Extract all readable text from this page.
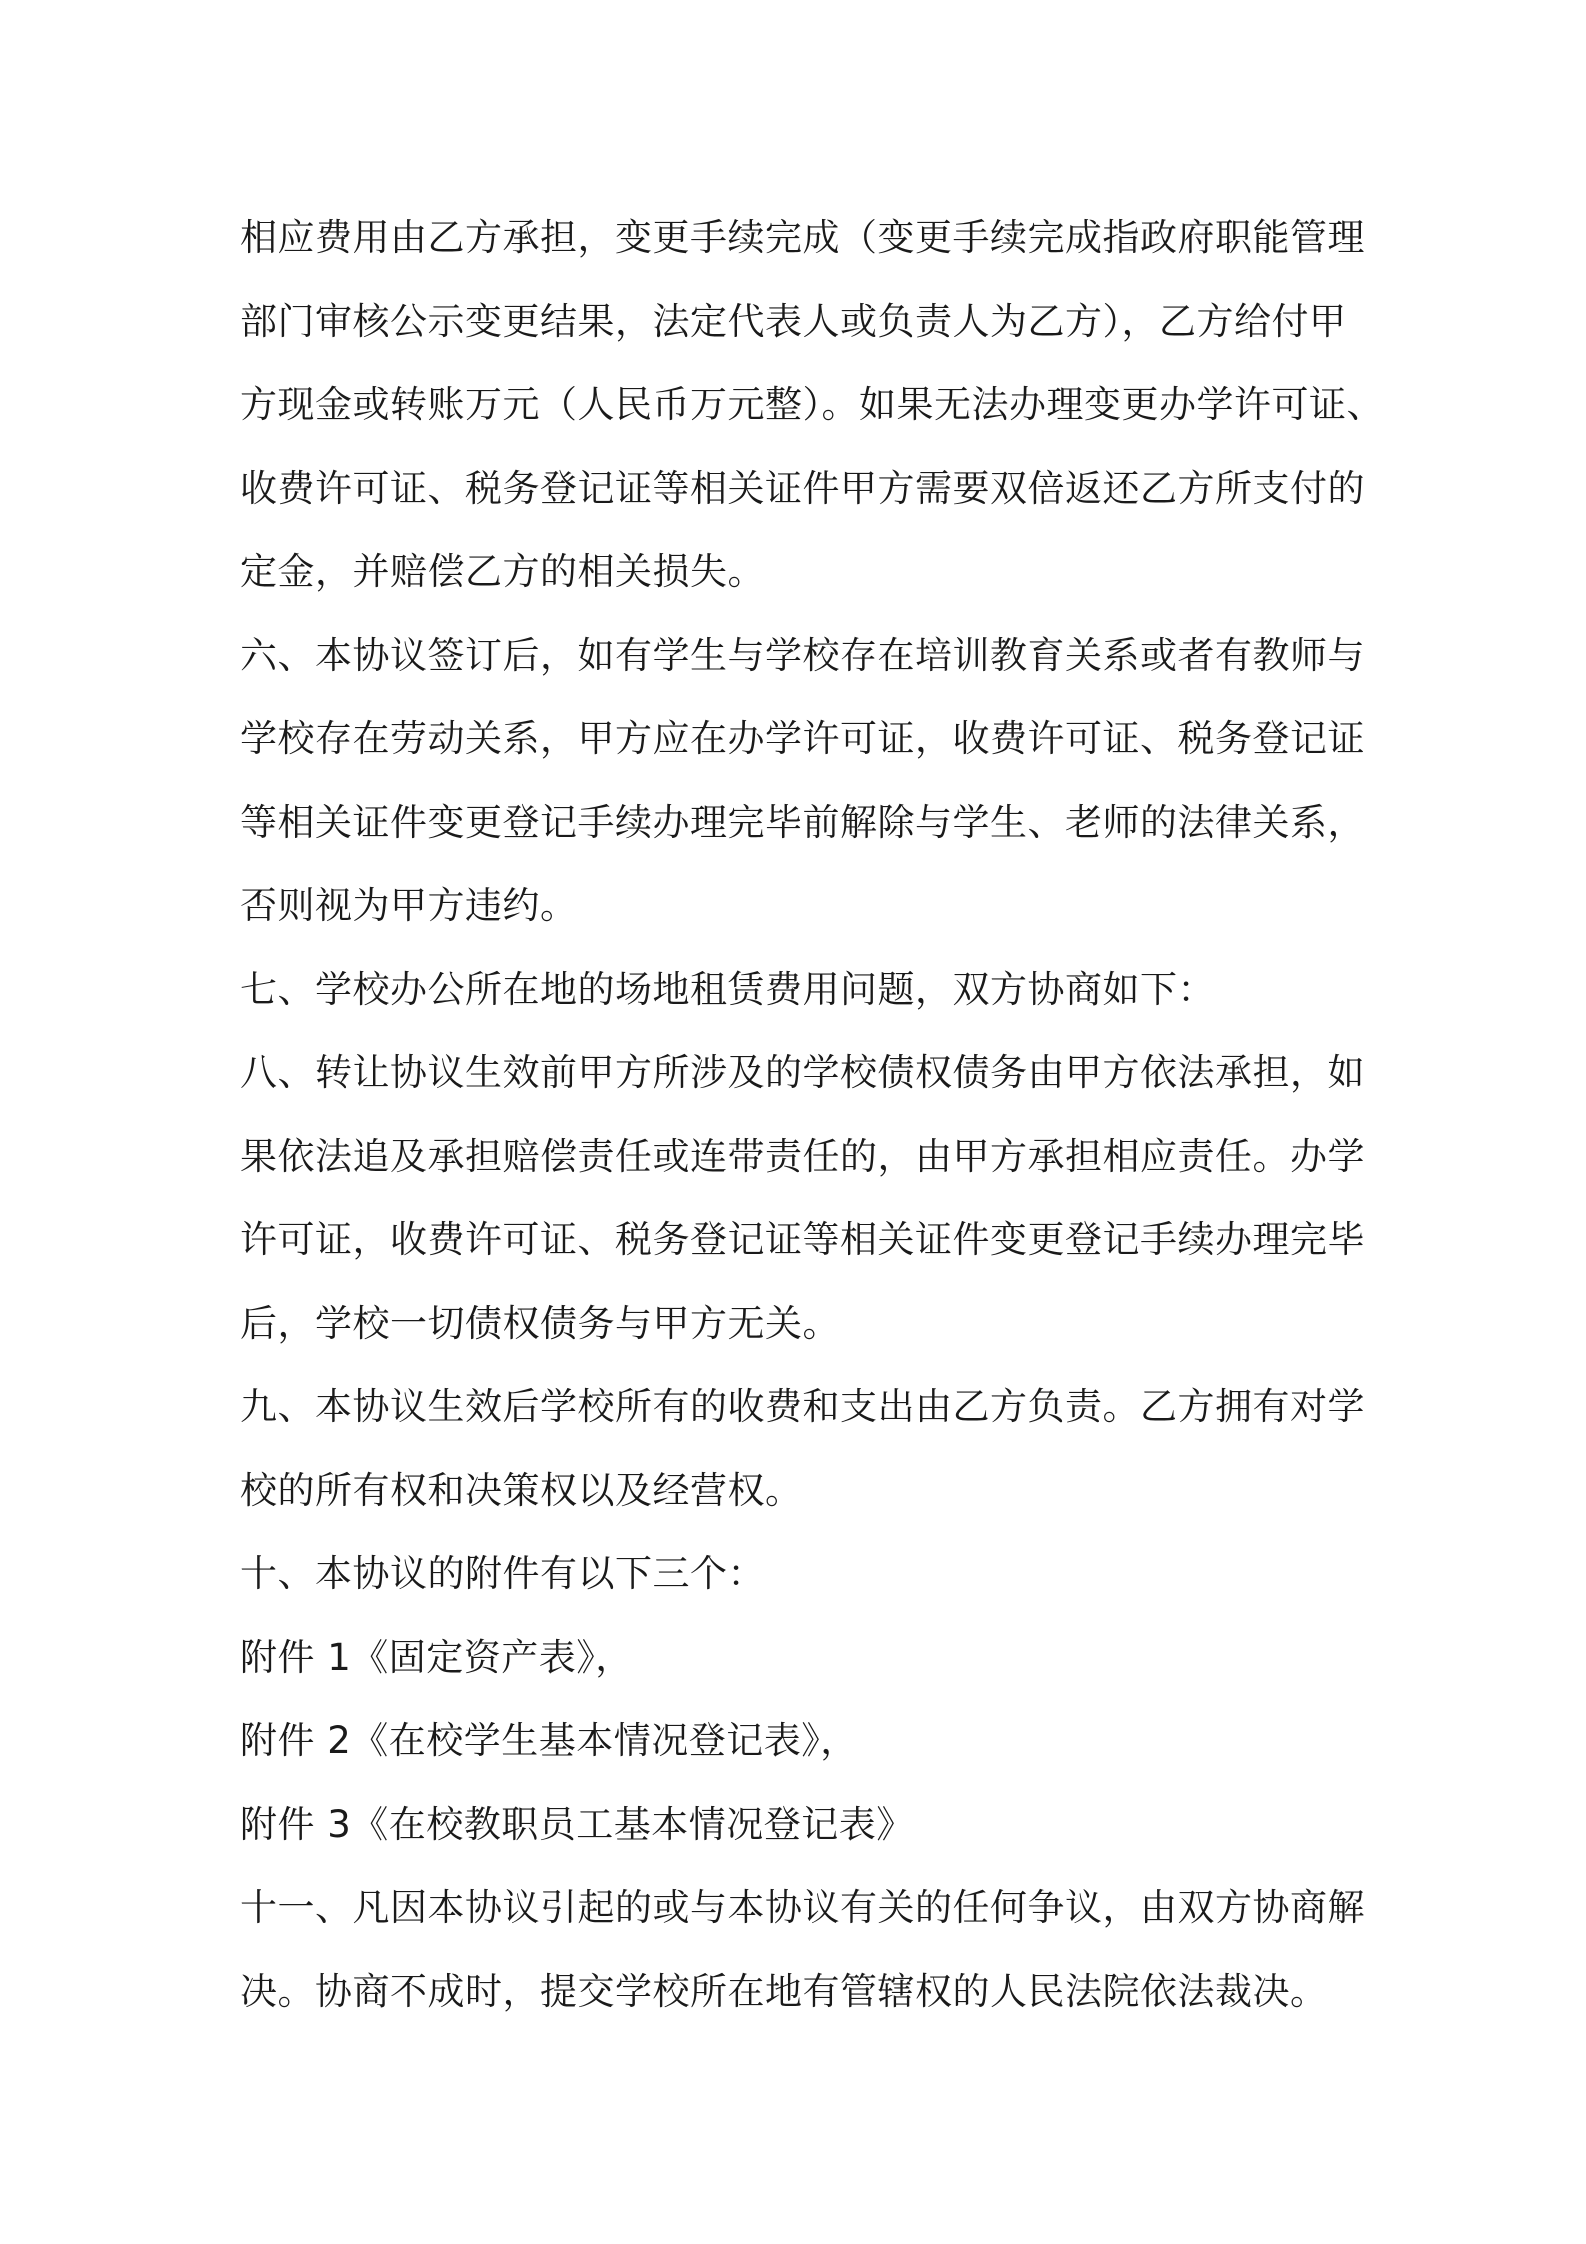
相应费用由乙方承担，变更手续完成（变更手续完成指政府职能管理
部门审核公示变更结果，法定代表人或负责人为乙方），乙方给付甲
方现金或转账万元（人民币万元整）。如果无法办理变更办学许可证、
收费许可证、税务登记证等相关证件甲方需要双倍返还乙方所支付的
定金，并赔偿乙方的相关损失。
六、本协议签订后，如有学生与学校存在培训教育关系或者有教师与
学校存在劳动关系，甲方应在办学许可证，收费许可证、税务登记证
等相关证件变更登记手续办理完毕前解除与学生、老师的法律关系，
否则视为甲方违约。
七、学校办公所在地的场地租赁费用问题，双方协商如下：
八、转让协议生效前甲方所涉及的学校债权债务由甲方依法承担，如
果依法追及承担赔偿责任或连带责任的，由甲方承担相应责任。办学
许可证，收费许可证、税务登记证等相关证件变更登记手续办理完毕
后，学校一切债权债务与甲方无关。
九、本协议生效后学校所有的收费和支出由乙方负责。乙方拥有对学
校的所有权和决策权以及经营权。
十、本协议的附件有以下三个：
附件 1《固定资产表》，
附件 2《在校学生基本情况登记表》，
附件 3《在校教职员工基本情况登记表》
十一、凡因本协议引起的或与本协议有关的任何争议，由双方协商解
决。协商不成时，提交学校所在地有管辖权的人民法院依法裁决。
